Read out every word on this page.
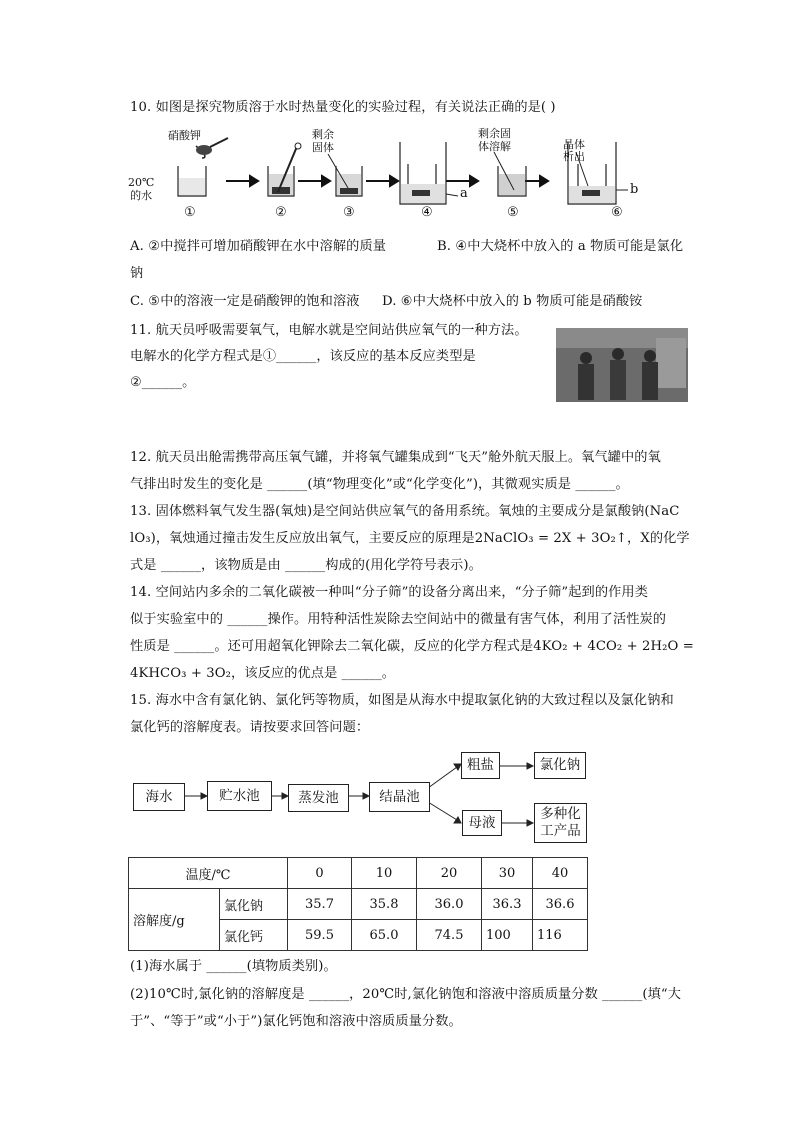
10. 如图是探究物质溶于水时热量变化的实验过程，有关说法正确的是( )
硝酸钾
20℃
的水
剩余
固体
剩余固
体溶解	晶体
析出
a	b
①	②	③	④	⑤	⑥
A. ②中搅拌可增加硝酸钾在水中溶解的质量	B. ④中大烧杯中放入的 a 物质可能是氯化
钠
C. ⑤中的溶液一定是硝酸钾的饱和溶液 D. ⑥中大烧杯中放入的 b 物质可能是硝酸铵
11. 航天员呼吸需要氧气，电解水就是空间站供应氧气的一种方法。
电解水的化学方程式是①______，该反应的基本反应类型是
②______。
12. 航天员出舱需携带高压氧气罐，并将氧气罐集成到“飞天”舱外航天服上。氧气罐中的氧
气排出时发生的变化是 ______(填“物理变化”或“化学变化”)，其微观实质是 ______。
13. 固体燃料氧气发生器(氧烛)是空间站供应氧气的备用系统。氧烛的主要成分是氯酸钠(NaC
lO₃)，氧烛通过撞击发生反应放出氧气，主要反应的原理是2NaClO₃ = 2X + 3O₂↑，X的化学
式是 ______，该物质是由 ______构成的(用化学符号表示)。
14. 空间站内多余的二氧化碳被一种叫“分子筛”的设备分离出来，“分子筛”起到的作用类
似于实验室中的 ______操作。用特种活性炭除去空间站中的微量有害气体，利用了活性炭的
性质是 ______。还可用超氧化钾除去二氧化碳，反应的化学方程式是4KO₂ + 4CO₂ + 2H₂O =
4KHCO₃ + 3O₂，该反应的优点是 ______。
15. 海水中含有氯化钠、氯化钙等物质，如图是从海水中提取氯化钠的大致过程以及氯化钠和
氯化钙的溶解度表。请按要求回答问题：
海水	贮水池	蒸发池	结晶池
粗盐	氯化钠
母液
多种化
工产品
温度/℃		0	10	20	30	40
溶解度/g	氯化钠	35.7	35.8	36.0	36.3	36.6
	氯化钙	59.5	65.0	74.5	100	116
(1)海水属于 ______(填物质类别)。
(2)10℃时,氯化钠的溶解度是 ______，20℃时,氯化钠饱和溶液中溶质质量分数 ______(填“大
于”、“等于”或“小于”)氯化钙饱和溶液中溶质质量分数。
